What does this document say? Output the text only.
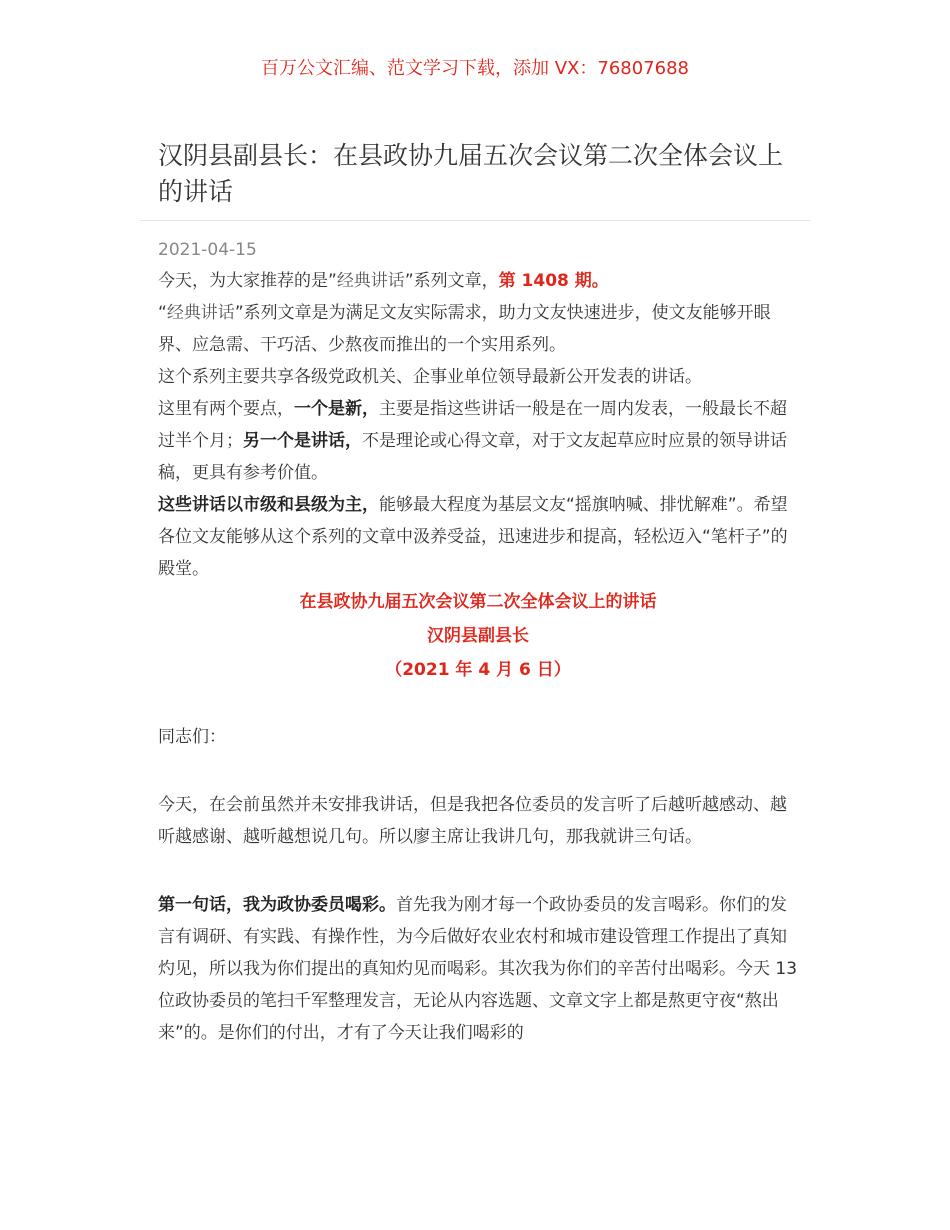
百万公文汇编、范文学习下载，添加 VX：76807688
汉阴县副县长：在县政协九届五次会议第二次全体会议上的讲话
2021-04-15

今天，为大家推荐的是”经典讲话”系列文章，第 1408 期。

“经典讲话”系列文章是为满足文友实际需求，助力文友快速进步，使文友能够开眼界、应急需、干巧活、少熬夜而推出的一个实用系列。

这个系列主要共享各级党政机关、企事业单位领导最新公开发表的讲话。

这里有两个要点，一个是新，主要是指这些讲话一般是在一周内发表，一般最长不超过半个月；另一个是讲话，不是理论或心得文章，对于文友起草应时应景的领导讲话稿，更具有参考价值。

这些讲话以市级和县级为主，能够最大程度为基层文友“摇旗呐喊、排忧解难”。希望各位文友能够从这个系列的文章中汲养受益，迅速进步和提高，轻松迈入“笔杆子”的殿堂。

在县政协九届五次会议第二次全体会议上的讲话

汉阴县副县长

（2021 年 4 月 6 日）

同志们：

今天，在会前虽然并未安排我讲话，但是我把各位委员的发言听了后越听越感动、越听越感谢、越听越想说几句。所以廖主席让我讲几句，那我就讲三句话。

第一句话，我为政协委员喝彩。首先我为刚才每一个政协委员的发言喝彩。你们的发言有调研、有实践、有操作性，为今后做好农业农村和城市建设管理工作提出了真知灼见，所以我为你们提出的真知灼见而喝彩。其次我为你们的辛苦付出喝彩。今天 13 位政协委员的笔扫千军整理发言，无论从内容选题、文章文字上都是熬更守夜“熬出来”的。是你们的付出，才有了今天让我们喝彩的
